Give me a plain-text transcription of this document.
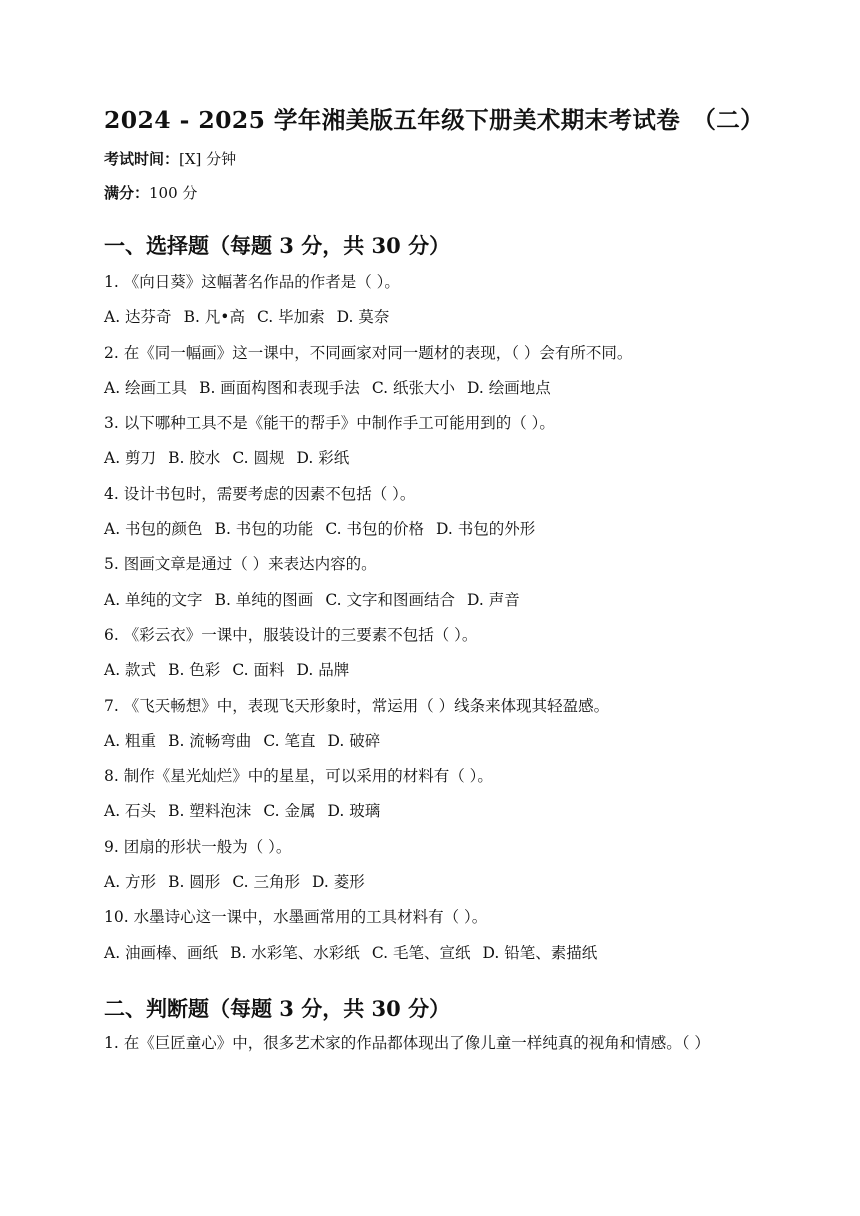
2024 - 2025 学年湘美版五年级下册美术期末考试卷　（二）
考试时间：[X] 分钟
满分：100 分
一、选择题（每题 3 分，共 30 分）
1. 《向日葵》这幅著名作品的作者是（ ）。
A. 达芬奇 B. 凡•高 C. 毕加索 D. 莫奈
2. 在《同一幅画》这一课中，不同画家对同一题材的表现，（ ）会有所不同。
A. 绘画工具 B. 画面构图和表现手法 C. 纸张大小 D. 绘画地点
3. 以下哪种工具不是《能干的帮手》中制作手工可能用到的（ ）。
A. 剪刀 B. 胶水 C. 圆规 D. 彩纸
4. 设计书包时，需要考虑的因素不包括（ ）。
A. 书包的颜色 B. 书包的功能 C. 书包的价格 D. 书包的外形
5. 图画文章是通过（ ）来表达内容的。
A. 单纯的文字 B. 单纯的图画 C. 文字和图画结合 D. 声音
6. 《彩云衣》一课中，服装设计的三要素不包括（ ）。
A. 款式 B. 色彩 C. 面料 D. 品牌
7. 《飞天畅想》中，表现飞天形象时，常运用（ ）线条来体现其轻盈感。
A. 粗重 B. 流畅弯曲 C. 笔直 D. 破碎
8. 制作《星光灿烂》中的星星，可以采用的材料有（ ）。
A. 石头 B. 塑料泡沫 C. 金属 D. 玻璃
9. 团扇的形状一般为（ ）。
A. 方形 B. 圆形 C. 三角形 D. 菱形
10. 水墨诗心这一课中，水墨画常用的工具材料有（ ）。
A. 油画棒、画纸 B. 水彩笔、水彩纸 C. 毛笔、宣纸 D. 铅笔、素描纸
二、判断题（每题 3 分，共 30 分）
1. 在《巨匠童心》中，很多艺术家的作品都体现出了像儿童一样纯真的视角和情感。（ ）
